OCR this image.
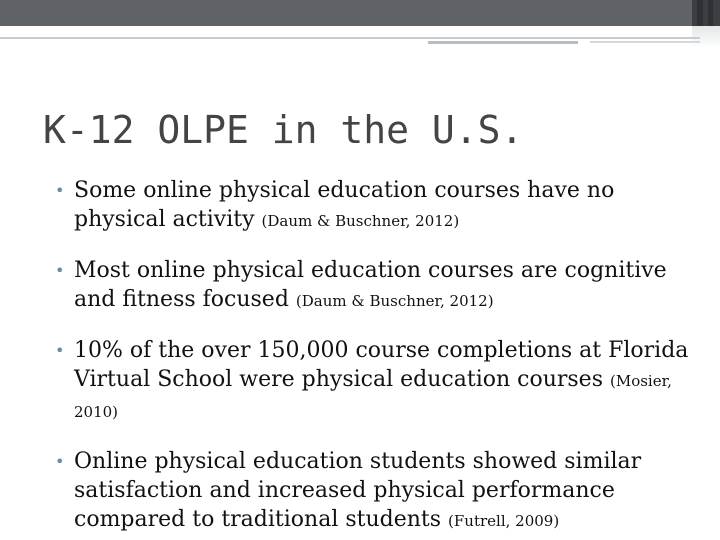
K-12 OLPE in the U.S.
• Some online physical education courses have no physical activity (Daum & Buschner, 2012)
• Most online physical education courses are cognitive and fitness focused (Daum & Buschner, 2012)
• 10% of the over 150,000 course completions at Florida Virtual School were physical education courses (Mosier, 2010)
• Online physical education students showed similar satisfaction and increased physical performance compared to traditional students (Futrell, 2009)
